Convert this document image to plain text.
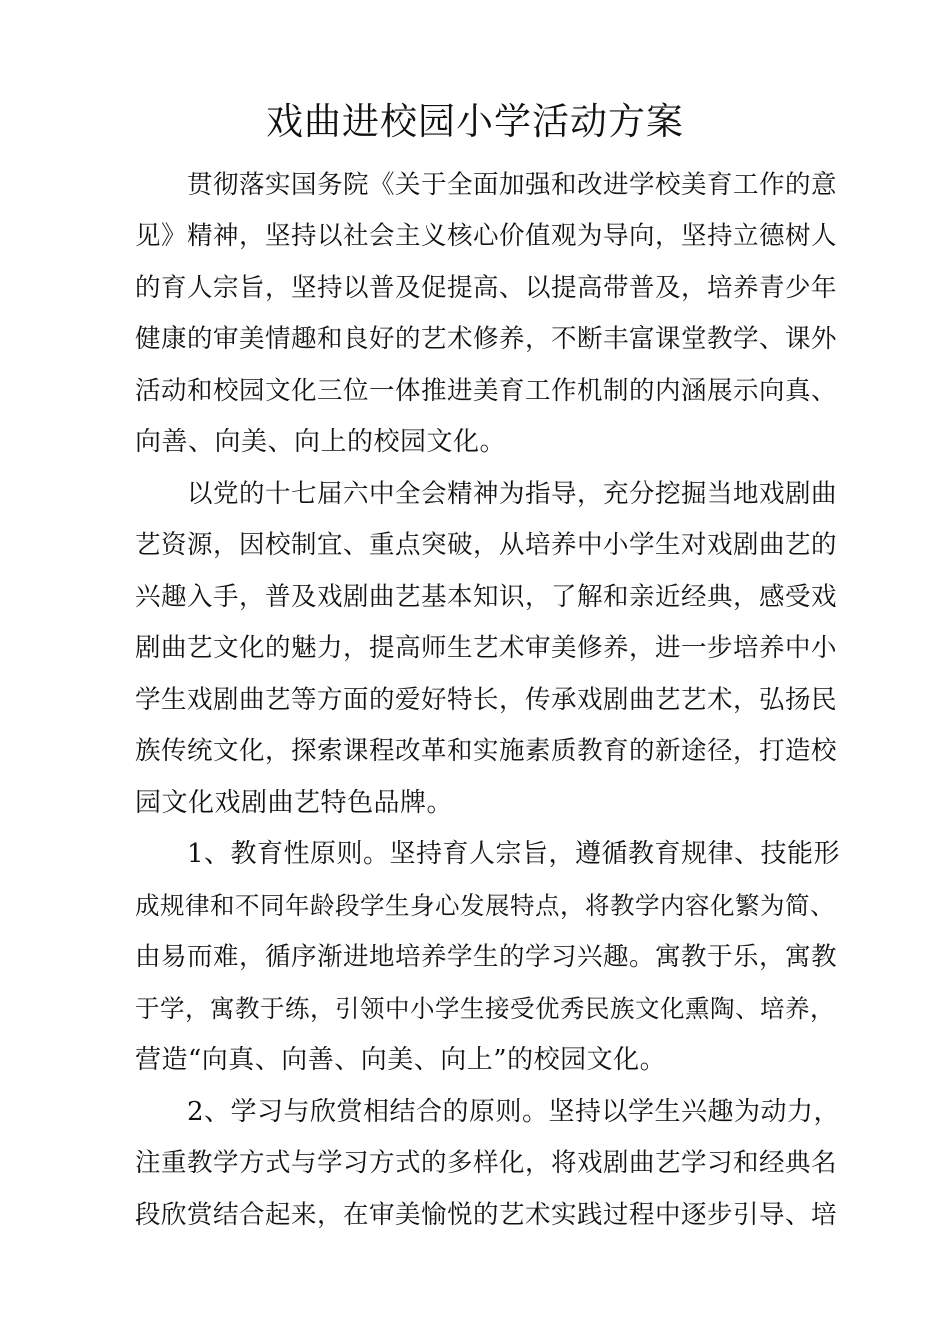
戏曲进校园小学活动方案

贯彻落实国务院《关于全面加强和改进学校美育工作的意

见》精神，坚持以社会主义核心价值观为导向，坚持立德树人

的育人宗旨，坚持以普及促提高、以提高带普及，培养青少年

健康的审美情趣和良好的艺术修养，不断丰富课堂教学、课外

活动和校园文化三位一体推进美育工作机制的内涵展示向真、

向善、向美、向上的校园文化。

以党的十七届六中全会精神为指导，充分挖掘当地戏剧曲

艺资源，因校制宜、重点突破，从培养中小学生对戏剧曲艺的

兴趣入手，普及戏剧曲艺基本知识，了解和亲近经典，感受戏

剧曲艺文化的魅力，提高师生艺术审美修养，进一步培养中小

学生戏剧曲艺等方面的爱好特长，传承戏剧曲艺艺术，弘扬民

族传统文化，探索课程改革和实施素质教育的新途径，打造校

园文化戏剧曲艺特色品牌。

1、教育性原则。坚持育人宗旨，遵循教育规律、技能形

成规律和不同年龄段学生身心发展特点，将教学内容化繁为简、

由易而难，循序渐进地培养学生的学习兴趣。寓教于乐，寓教

于学，寓教于练，引领中小学生接受优秀民族文化熏陶、培养，

营造“向真、向善、向美、向上”的校园文化。

2、学习与欣赏相结合的原则。坚持以学生兴趣为动力，

注重教学方式与学习方式的多样化，将戏剧曲艺学习和经典名

段欣赏结合起来，在审美愉悦的艺术实践过程中逐步引导、培
